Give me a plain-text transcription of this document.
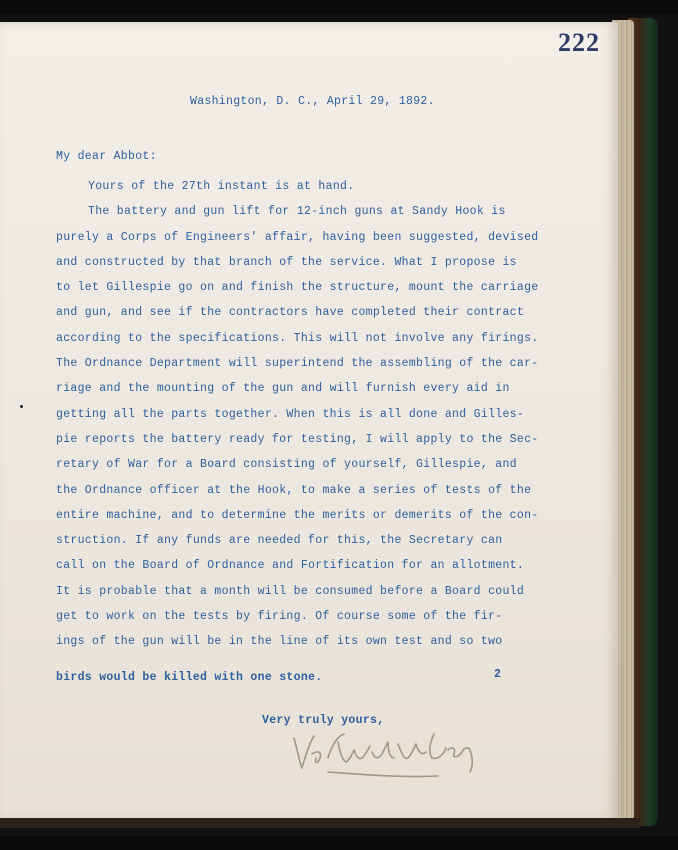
222
Washington, D. C., April 29, 1892.
My dear Abbot:
Yours of the 27th instant is at hand.
The battery and gun lift for 12-inch guns at Sandy Hook is
purely a Corps of Engineers' affair, having been suggested, devised
and constructed by that branch of the service. What I propose is
to let Gillespie go on and finish the structure, mount the carriage
and gun, and see if the contractors have completed their contract
according to the specifications. This will not involve any firings.
The Ordnance Department will superintend the assembling of the car-
riage and the mounting of the gun and will furnish every aid in
getting all the parts together. When this is all done and Gilles-
pie reports the battery ready for testing, I will apply to the Sec-
retary of War for a Board consisting of yourself, Gillespie, and
the Ordnance officer at the Hook, to make a series of tests of the
entire machine, and to determine the merits or demerits of the con-
struction. If any funds are needed for this, the Secretary can
call on the Board of Ordnance and Fortification for an allotment.
It is probable that a month will be consumed before a Board could
get to work on the tests by firing. Of course some of the fir-
ings of the gun will be in the line of its own test and so two
birds would be killed with one stone.	2
Very truly yours,
